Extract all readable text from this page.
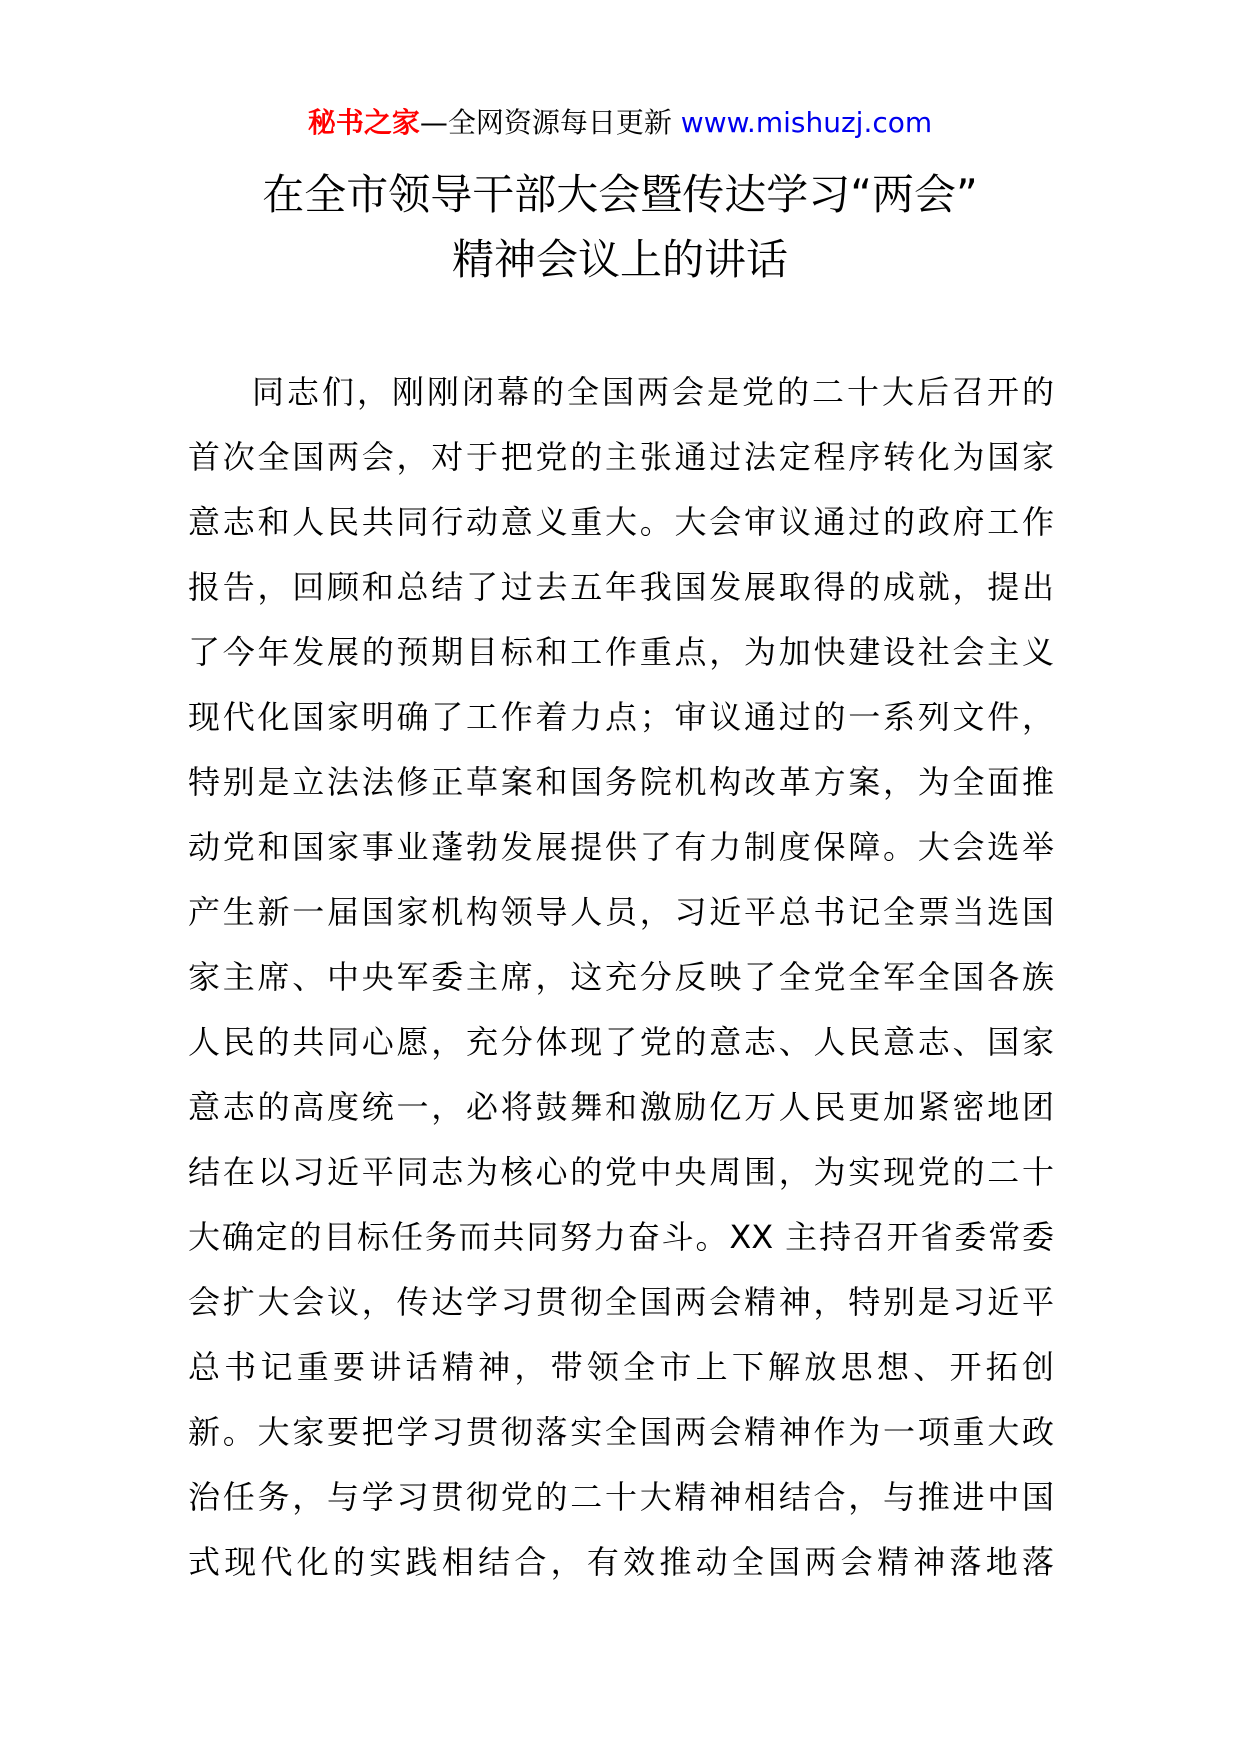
秘书之家—全网资源每日更新 www.mishuzj.com
在全市领导干部大会暨传达学习“两会”
精神会议上的讲话
同志们，刚刚闭幕的全国两会是党的二十大后召开的
首次全国两会，对于把党的主张通过法定程序转化为国家
意志和人民共同行动意义重大。大会审议通过的政府工作
报告，回顾和总结了过去五年我国发展取得的成就，提出
了今年发展的预期目标和工作重点，为加快建设社会主义
现代化国家明确了工作着力点；审议通过的一系列文件，
特别是立法法修正草案和国务院机构改革方案，为全面推
动党和国家事业蓬勃发展提供了有力制度保障。大会选举
产生新一届国家机构领导人员，习近平总书记全票当选国
家主席、中央军委主席，这充分反映了全党全军全国各族
人民的共同心愿，充分体现了党的意志、人民意志、国家
意志的高度统一，必将鼓舞和激励亿万人民更加紧密地团
结在以习近平同志为核心的党中央周围，为实现党的二十
大确定的目标任务而共同努力奋斗。XX 主持召开省委常委
会扩大会议，传达学习贯彻全国两会精神，特别是习近平
总书记重要讲话精神，带领全市上下解放思想、开拓创
新。大家要把学习贯彻落实全国两会精神作为一项重大政
治任务，与学习贯彻党的二十大精神相结合，与推进中国
式现代化的实践相结合，有效推动全国两会精神落地落
